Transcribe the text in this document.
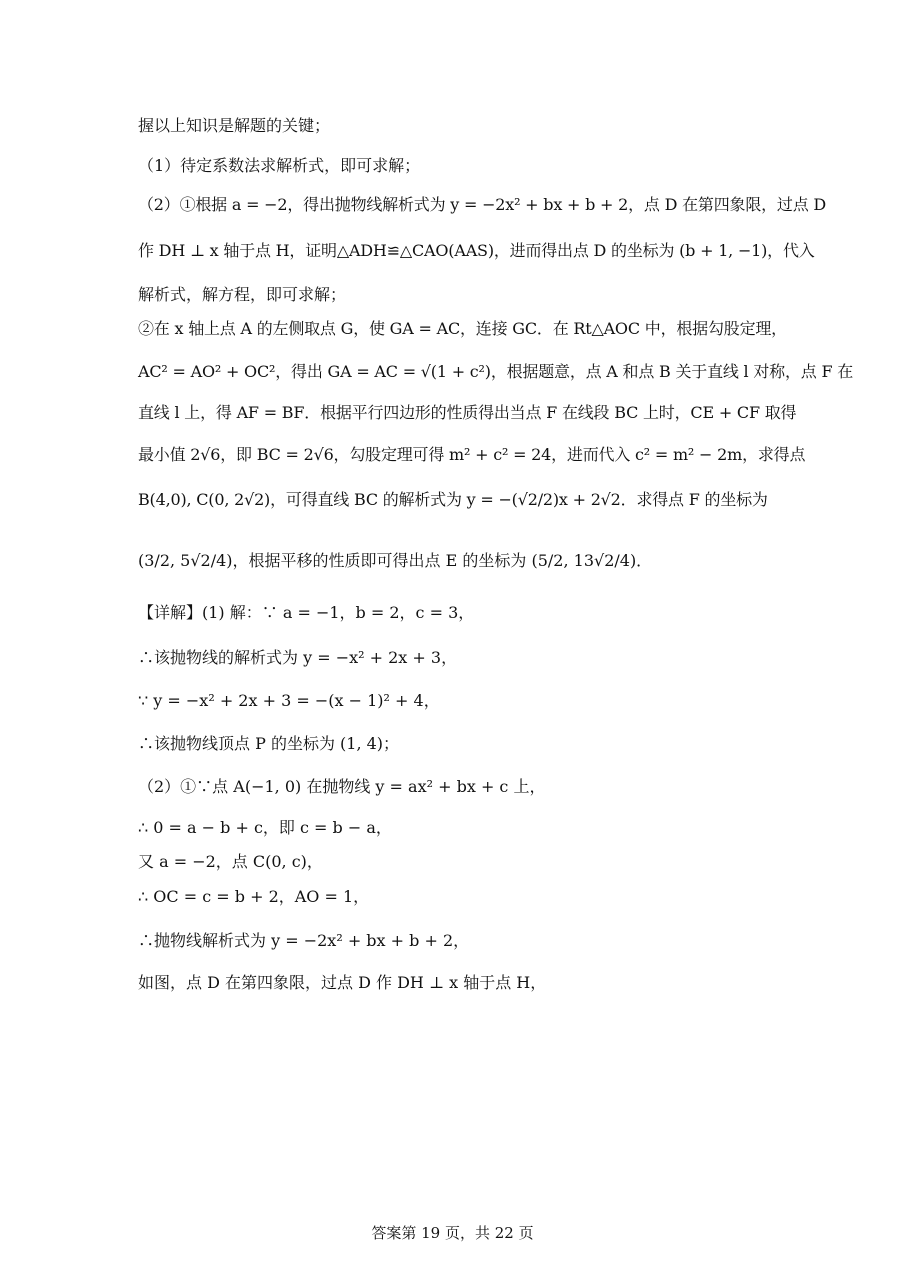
握以上知识是解题的关键；
（1）待定系数法求解析式，即可求解；
（2）①根据 a = −2，得出抛物线解析式为 y = −2x² + bx + b + 2，点 D 在第四象限，过点 D
作 DH ⊥ x 轴于点 H，证明△ADH≌△CAO(AAS)，进而得出点 D 的坐标为 (b + 1, −1)，代入
解析式，解方程，即可求解；
②在 x 轴上点 A 的左侧取点 G，使 GA = AC，连接 GC．在 Rt△AOC 中，根据勾股定理，
AC² = AO² + OC²，得出 GA = AC = √(1 + c²)，根据题意，点 A 和点 B 关于直线 l 对称，点 F 在
直线 l 上，得 AF = BF．根据平行四边形的性质得出当点 F 在线段 BC 上时，CE + CF 取得
最小值 2√6，即 BC = 2√6，勾股定理可得 m² + c² = 24，进而代入 c² = m² − 2m，求得点
B(4,0), C(0, 2√2)，可得直线 BC 的解析式为 y = −(√2/2)x + 2√2．求得点 F 的坐标为
(3/2, 5√2/4)，根据平移的性质即可得出点 E 的坐标为 (5/2, 13√2/4)．
【详解】(1) 解：∵ a = −1，b = 2，c = 3，
∴该抛物线的解析式为 y = −x² + 2x + 3，
∵ y = −x² + 2x + 3 = −(x − 1)² + 4，
∴该抛物线顶点 P 的坐标为 (1, 4)；
（2）①∵点 A(−1, 0) 在抛物线 y = ax² + bx + c 上，
∴ 0 = a − b + c，即 c = b − a，
又 a = −2，点 C(0, c)，
∴ OC = c = b + 2，AO = 1，
∴抛物线解析式为 y = −2x² + bx + b + 2，
如图，点 D 在第四象限，过点 D 作 DH ⊥ x 轴于点 H，
答案第 19 页，共 22 页
